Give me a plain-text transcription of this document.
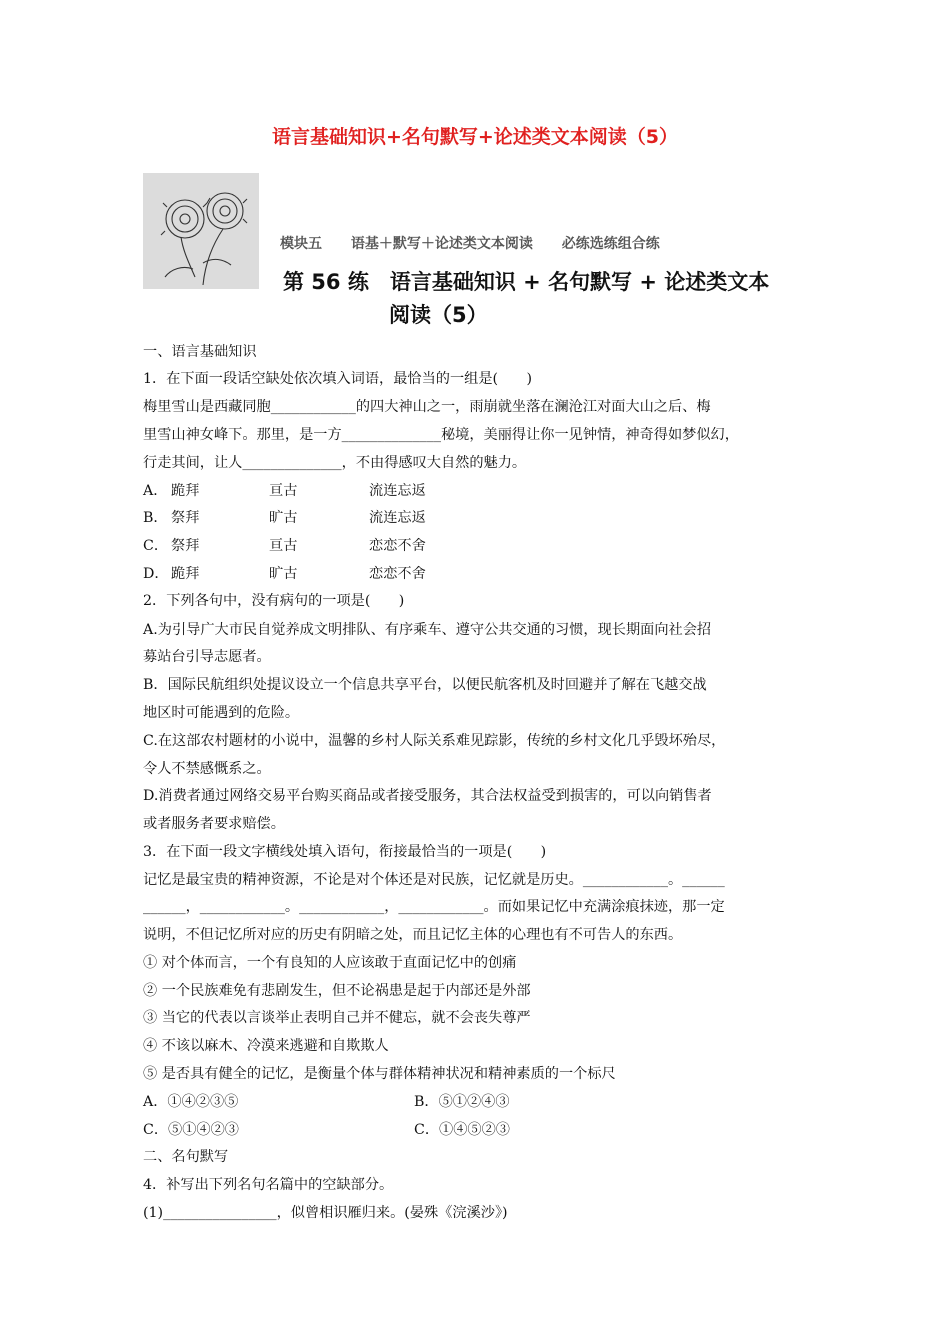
语言基础知识+名句默写+论述类文本阅读（5）
模块五　 语基＋默写＋论述类文本阅读　 必练选练组合练
第 56 练　语言基础知识 + 名句默写 + 论述类文本
阅读（5）
一、语言基础知识
1．在下面一段话空缺处依次填入词语，最恰当的一组是(　　)
梅里雪山是西藏同胞____________的四大神山之一，雨崩就坐落在澜沧江对面大山之后、梅
里雪山神女峰下。那里，是一方______________秘境，美丽得让你一见钟情，神奇得如梦似幻，
行走其间，让人______________，不由得感叹大自然的魅力。
A． 跪拜	亘古	流连忘返
B． 祭拜	旷古	流连忘返
C． 祭拜	亘古	恋恋不舍
D． 跪拜	旷古	恋恋不舍
2．下列各句中，没有病句的一项是(　　)
A.为引导广大市民自觉养成文明排队、有序乘车、遵守公共交通的习惯，现长期面向社会招
募站台引导志愿者。
B．国际民航组织处提议设立一个信息共享平台，以便民航客机及时回避并了解在飞越交战
地区时可能遇到的危险。
C.在这部农村题材的小说中，温馨的乡村人际关系难见踪影，传统的乡村文化几乎毁坏殆尽，
令人不禁感慨系之。
D.消费者通过网络交易平台购买商品或者接受服务，其合法权益受到损害的，可以向销售者
或者服务者要求赔偿。
3．在下面一段文字横线处填入语句，衔接最恰当的一项是(　　)
记忆是最宝贵的精神资源，不论是对个体还是对民族，记忆就是历史。____________。______
______，____________。____________，____________。而如果记忆中充满涂痕抹迹，那一定
说明，不但记忆所对应的历史有阴暗之处，而且记忆主体的心理也有不可告人的东西。
① 对个体而言，一个有良知的人应该敢于直面记忆中的创痛
② 一个民族难免有悲剧发生，但不论祸患是起于内部还是外部
③ 当它的代表以言谈举止表明自己并不健忘，就不会丧失尊严
④ 不该以麻木、冷漠来逃避和自欺欺人
⑤ 是否具有健全的记忆，是衡量个体与群体精神状况和精神素质的一个标尺
A．①④②③⑤	B．⑤①②④③
C．⑤①④②③	C．①④⑤②③
二、名句默写
4．补写出下列名句名篇中的空缺部分。
(1)________________，似曾相识雁归来。(晏殊《浣溪沙》)
